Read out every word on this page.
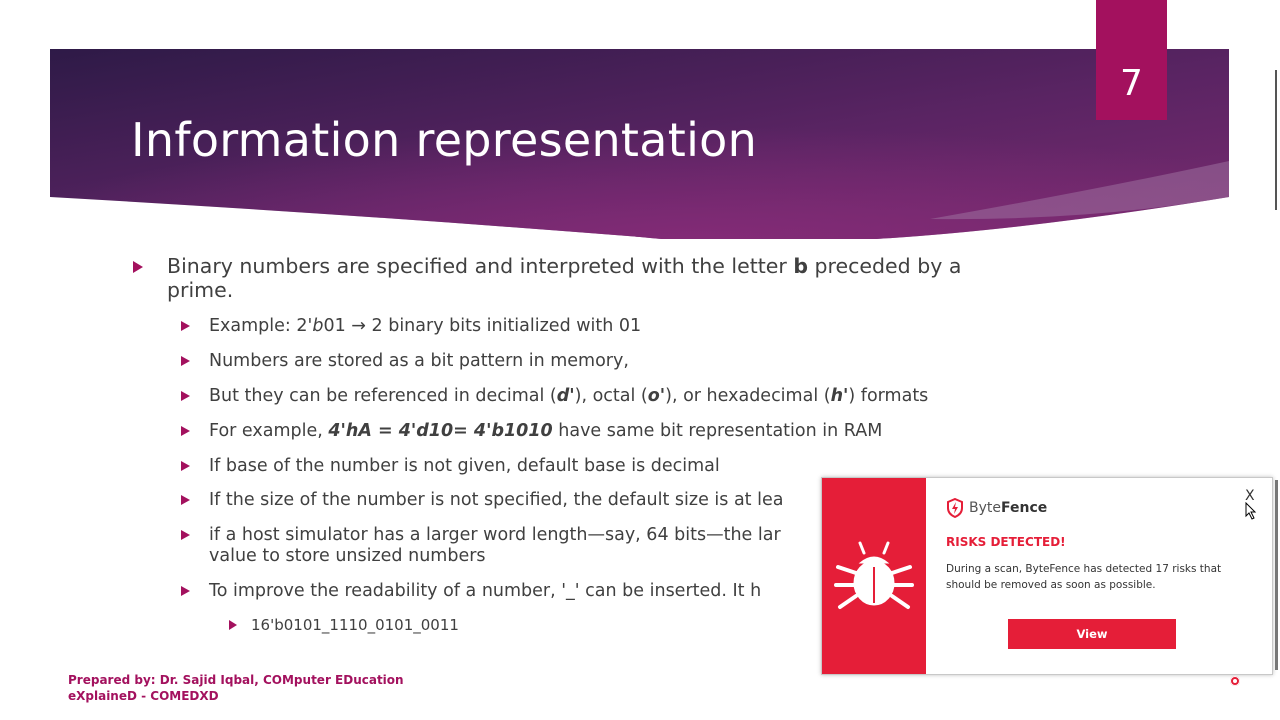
Information representation
7
Binary numbers are specified and interpreted with the letter b preceded by a prime.
Example: 2'b01 → 2 binary bits initialized with 01
Numbers are stored as a bit pattern in memory,
But they can be referenced in decimal (d'), octal (o'), or hexadecimal (h') formats
For example, 4'hA = 4'd10= 4'b1010 have same bit representation in RAM
If base of the number is not given, default base is decimal
If the size of the number is not specified, the default size is at lea
if a host simulator has a larger word length—say, 64 bits—the lar
value to store unsized numbers
To improve the readability of a number, '_' can be inserted. It h
16'b0101_1110_0101_0011
Prepared by: Dr. Sajid Iqbal, COMputer EDucation
eXplaineD - COMEDXD
Byte Fence
X
RISKS DETECTED!
During a scan, ByteFence has detected 17 risks that should be removed as soon as possible.
View
